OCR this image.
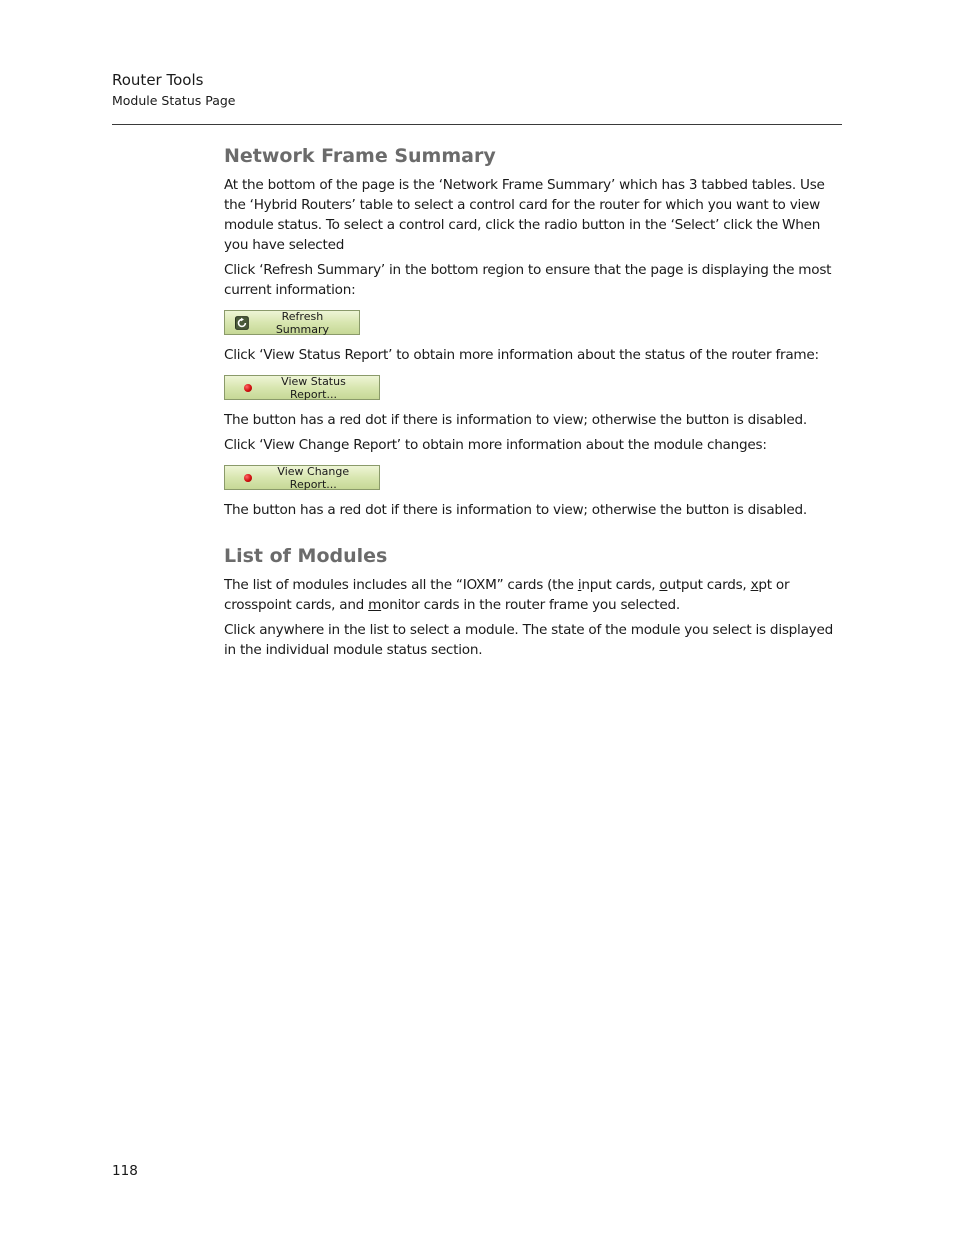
Router Tools
Module Status Page
Network Frame Summary

At the bottom of the page is the ‘Network Frame Summary’ which has 3 tabbed tables. Use the ‘Hybrid Routers’ table to select a control card for the router for which you want to view module status. To select a control card, click the radio button in the ‘Select’ click the When you have selected

Click ‘Refresh Summary’ in the bottom region to ensure that the page is displaying the most current information:

Refresh Summary

Click ‘View Status Report’ to obtain more information about the status of the router frame:

View Status Report...

The button has a red dot if there is information to view; otherwise the button is disabled.

Click ‘View Change Report’ to obtain more information about the module changes:

View Change Report...

The button has a red dot if there is information to view; otherwise the button is disabled.

List of Modules

The list of modules includes all the “IOXM” cards (the input cards, output cards, xpt or crosspoint cards, and monitor cards in the router frame you selected.

Click anywhere in the list to select a module. The state of the module you select is displayed in the individual module status section.

118
